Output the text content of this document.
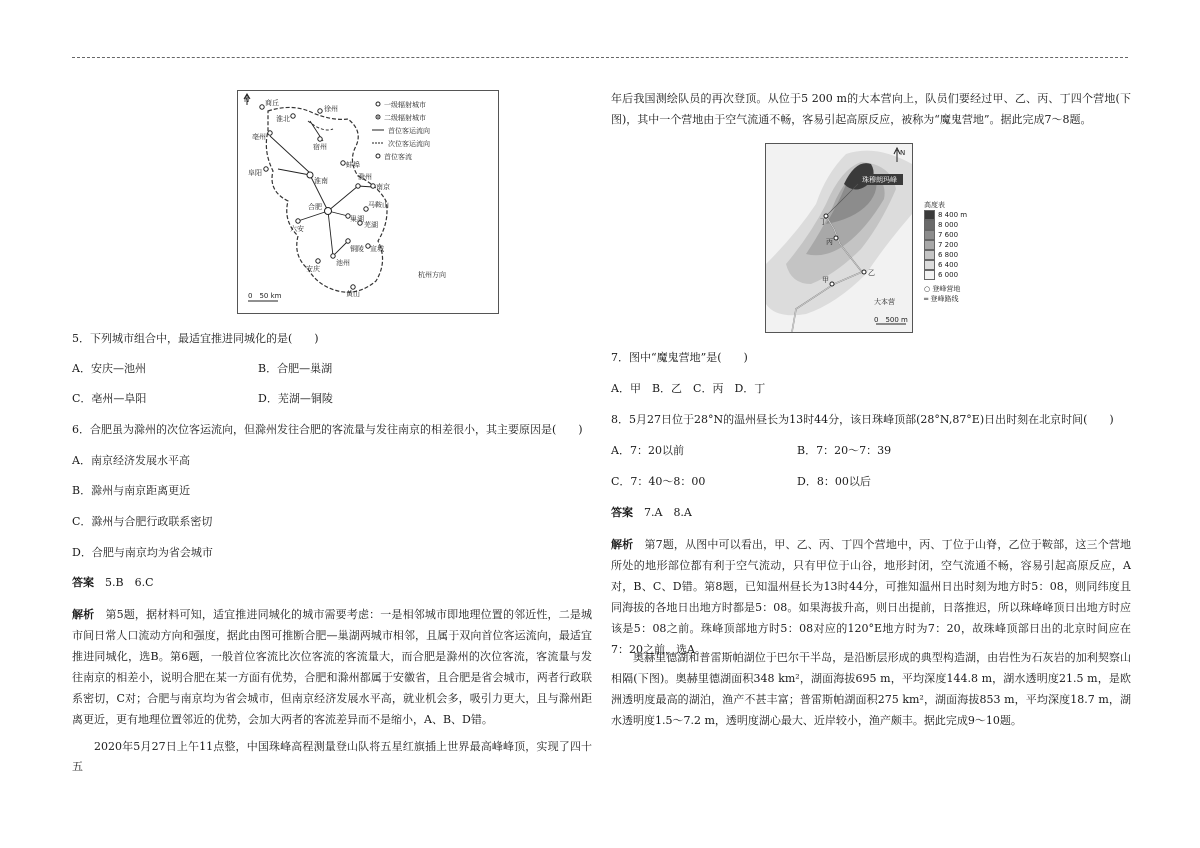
N 商丘
淮北
徐州
亳州
宿州
蚌埠
阜阳
淮南	滁州
南京
合肥
六安
巢湖
马鞍山
芜湖
铜陵 宣城
安庆
池州
杭州方向
黄山
一级辐射城市
二级辐射城市
首位客运流向
次位客运流向
首位客流
0　50 km

5．下列城市组合中，最适宜推进同城化的是(　　)

A．安庆—池州	B．合肥—巢湖
C．亳州—阜阳	D．芜湖—铜陵

6．合肥虽为滁州的次位客运流向，但滁州发往合肥的客流量与发往南京的相差很小，其主要原因是(　　)

A．南京经济发展水平高
B．滁州与南京距离更近
C．滁州与合肥行政联系密切
D．合肥与南京均为省会城市
答案　 5.B　6.C
解析　 第5题，据材料可知，适宜推进同城化的城市需要考虑：一是相邻城市即地理位置的邻近性，二是城市间日常人口流动方向和强度，据此由图可推断合肥—巢湖两城市相邻，且属于双向首位客运流向，最适宜推进同城化，选B。第6题，一般首位客流比次位客流的客流量大，而合肥是滁州的次位客流，客流量与发往南京的相差小，说明合肥在某一方面有优势，合肥和滁州都属于安徽省，且合肥是省会城市，两者行政联系密切，C对；合肥与南京均为省会城市，但南京经济发展水平高，就业机会多，吸引力更大，且与滁州距离更近，更有地理位置邻近的优势，会加大两者的客流差异而不是缩小，A、B、D错。

2020年5月27日上午11点整，中国珠峰高程测量登山队将五星红旗插上世界最高峰峰顶，实现了四十五

年后我国测绘队员的再次登顶。从位于5 200 m的大本营向上，队员们要经过甲、乙、丙、丁四个营地(下图)，其中一个营地由于空气流通不畅，客易引起高原反应，被称为“魔鬼营地”。据此完成7～8题。

N
珠穆朗玛峰
丁
丙
乙
甲
大本营
0　500 m
高度表
8 400 m
8 000
7 600
7 200
6 800
6 400
6 000
○ 登峰营地
═ 登峰路线

7．图中“魔鬼营地”是(　　)

A．甲　B．乙　C．丙　D．丁

8．5月27日位于28°N的温州昼长为13时44分，该日珠峰顶部(28°N,87°E)日出时刻在北京时间(　　)

A．7：20以前	B．7：20～7：39
C．7：40～8：00	D．8：00以后
答案　 7.A　8.A
解析　 第7题，从图中可以看出，甲、乙、丙、丁四个营地中，丙、丁位于山脊，乙位于鞍部，这三个营地所处的地形部位都有利于空气流动，只有甲位于山谷，地形封闭，空气流通不畅，容易引起高原反应，A对，B、C、D错。第8题，已知温州昼长为13时44分，可推知温州日出时刻为地方时5：08，则同纬度且同海拔的各地日出地方时都是5：08。如果海拔升高，则日出提前，日落推迟，所以珠峰峰顶日出地方时应该是5：08之前。珠峰顶部地方时5：08对应的120°E地方时为7：20，故珠峰顶部日出的北京时间应在7：20之前，选A。

奥赫里德湖和普雷斯帕湖位于巴尔干半岛，是沿断层形成的典型构造湖，由岩性为石灰岩的加利契察山相隔(下图)。奥赫里德湖面积348 km²，湖面海拔695 m，平均深度144.8 m，湖水透明度21.5 m，是欧洲透明度最高的湖泊，渔产不甚丰富；普雷斯帕湖面积275 km²，湖面海拔853 m，平均深度18.7 m，湖水透明度1.5～7.2 m，透明度湖心最大、近岸较小，渔产颇丰。据此完成9～10题。
